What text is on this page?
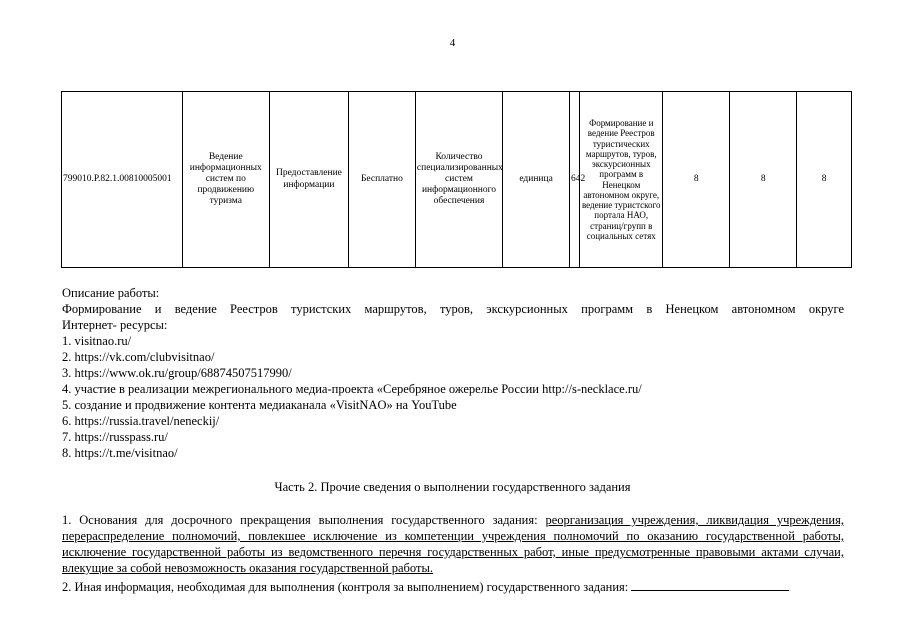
4
799010.Р.82.1.00810005001	Ведение информационных систем по продвижению туризма	Предоставление информации	Бесплатно	Количество специализированных систем информационного обеспечения	единица	642	Формирование и ведение Реестров туристических маршрутов, туров, экскурсионных программ в Ненецком автономном округе, ведение туристского портала НАО, страниц/групп в социальных сетях	8	8	8
Описание работы:
Формирование и ведение Реестров туристских маршрутов, туров, экскурсионных программ в Ненецком автономном округе
Интернет- ресурсы:
1. visitnao.ru/
2. https://vk.com/clubvisitnao/
3. https://www.ok.ru/group/68874507517990/
4. участие в реализации межрегионального медиа-проекта «Серебряное ожерелье России http://s-necklace.ru/
5. создание и продвижение контента медиаканала «VisitNAO» на YouTube
6. https://russia.travel/neneckij/
7. https://russpass.ru/
8. https://t.me/visitnao/
Часть 2. Прочие сведения о выполнении государственного задания
1. Основания для досрочного прекращения выполнения государственного задания: реорганизация учреждения, ликвидация учреждения, перераспределение полномочий, повлекшее исключение из компетенции учреждения полномочий по оказанию государственной работы, исключение государственной работы из ведомственного перечня государственных работ, иные предусмотренные правовыми актами случаи, влекущие за собой невозможность оказания государственной работы.
2. Иная информация, необходимая для выполнения (контроля за выполнением) государственного задания:
